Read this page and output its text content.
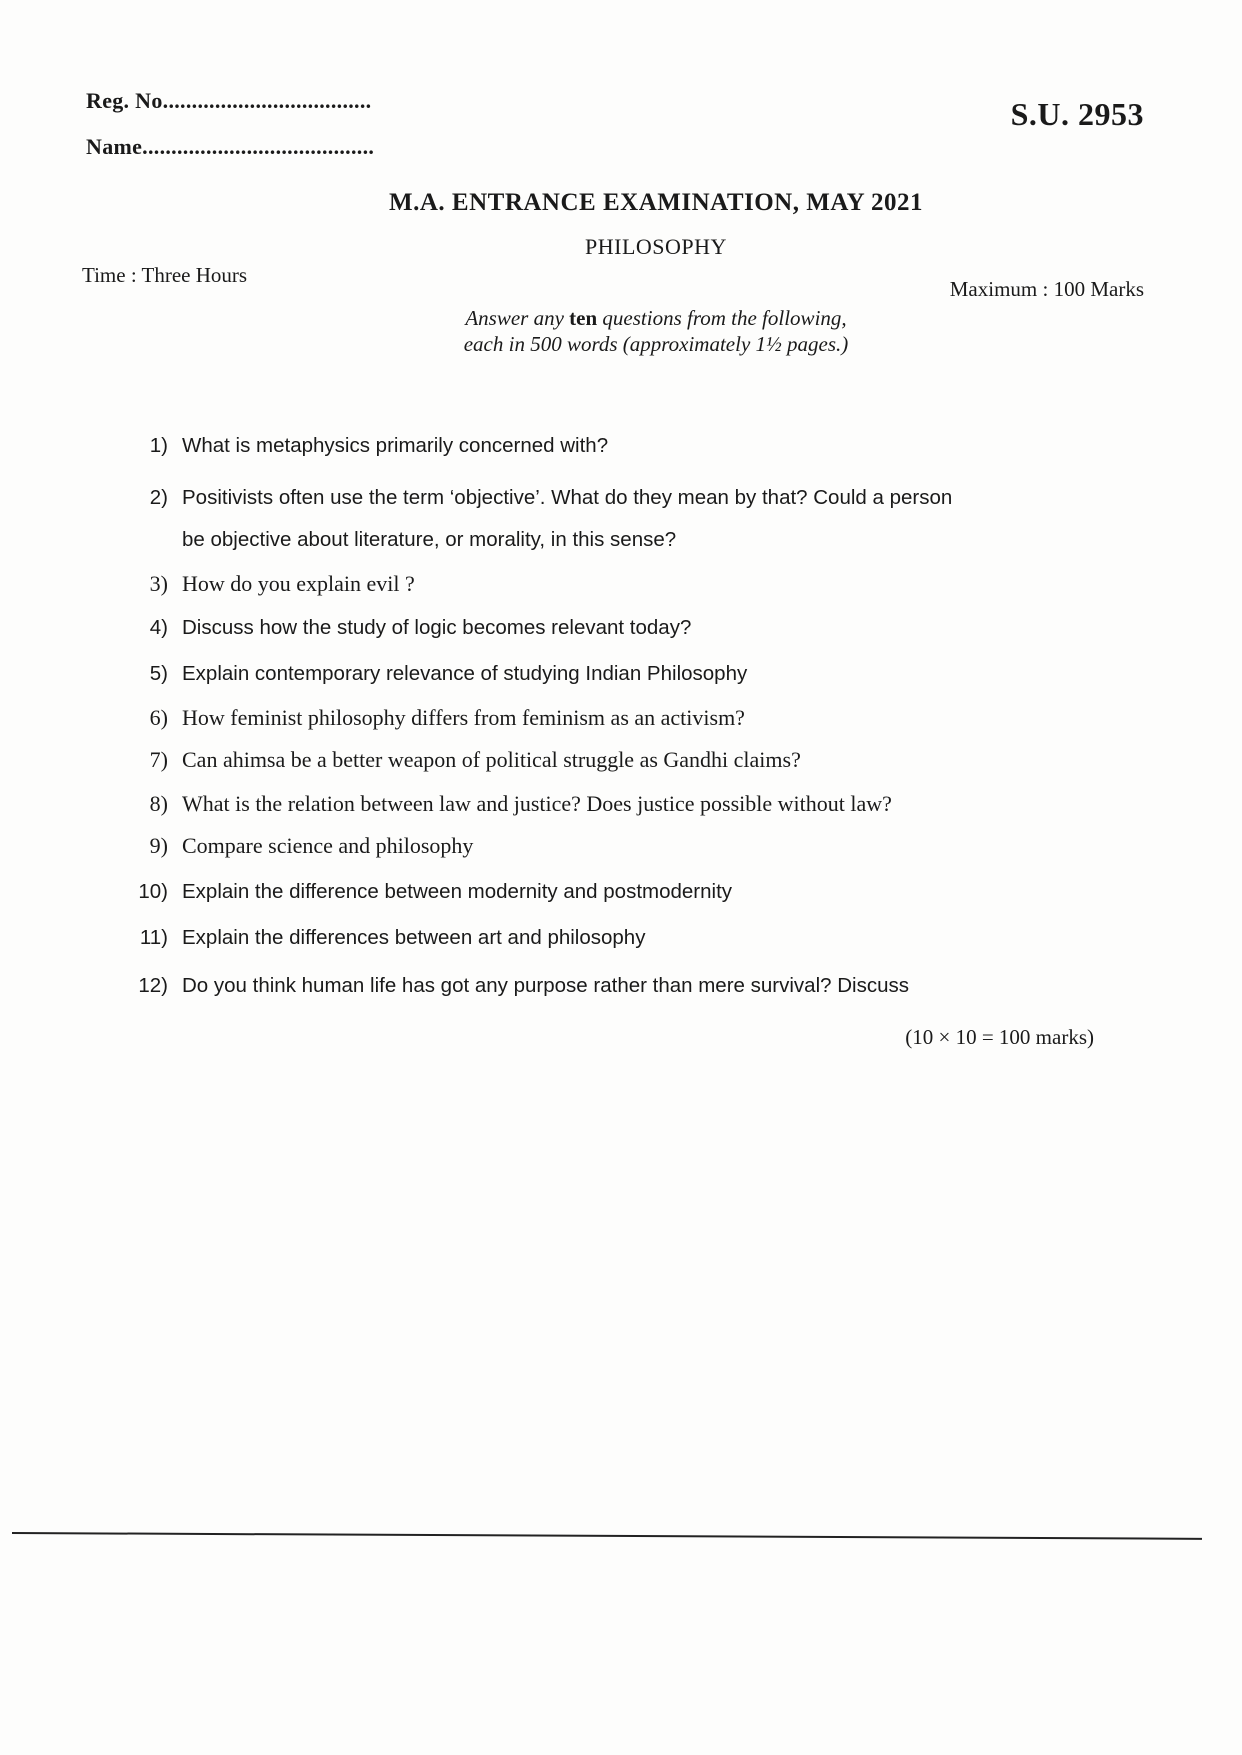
Reg. No....................................
Name........................................
S.U. 2953
M.A. ENTRANCE EXAMINATION, MAY 2021
PHILOSOPHY
Time : Three Hours
Maximum : 100 Marks
Answer any ten questions from the following,
each in 500 words (approximately 1½ pages.)
1) What is metaphysics primarily concerned with?
2) Positivists often use the term ‘objective’. What do they mean by that? Could a person
be objective about literature, or morality, in this sense?
3) How do you explain evil ?
4) Discuss how the study of logic becomes relevant today?
5) Explain contemporary relevance of studying Indian Philosophy
6) How feminist philosophy differs from feminism as an activism?
7) Can ahimsa be a better weapon of political struggle as Gandhi claims?
8) What is the relation between law and justice? Does justice possible without law?
9) Compare science and philosophy
10) Explain the difference between modernity and postmodernity
11) Explain the differences between art and philosophy
12) Do you think human life has got any purpose rather than mere survival? Discuss
(10 × 10 = 100 marks)
